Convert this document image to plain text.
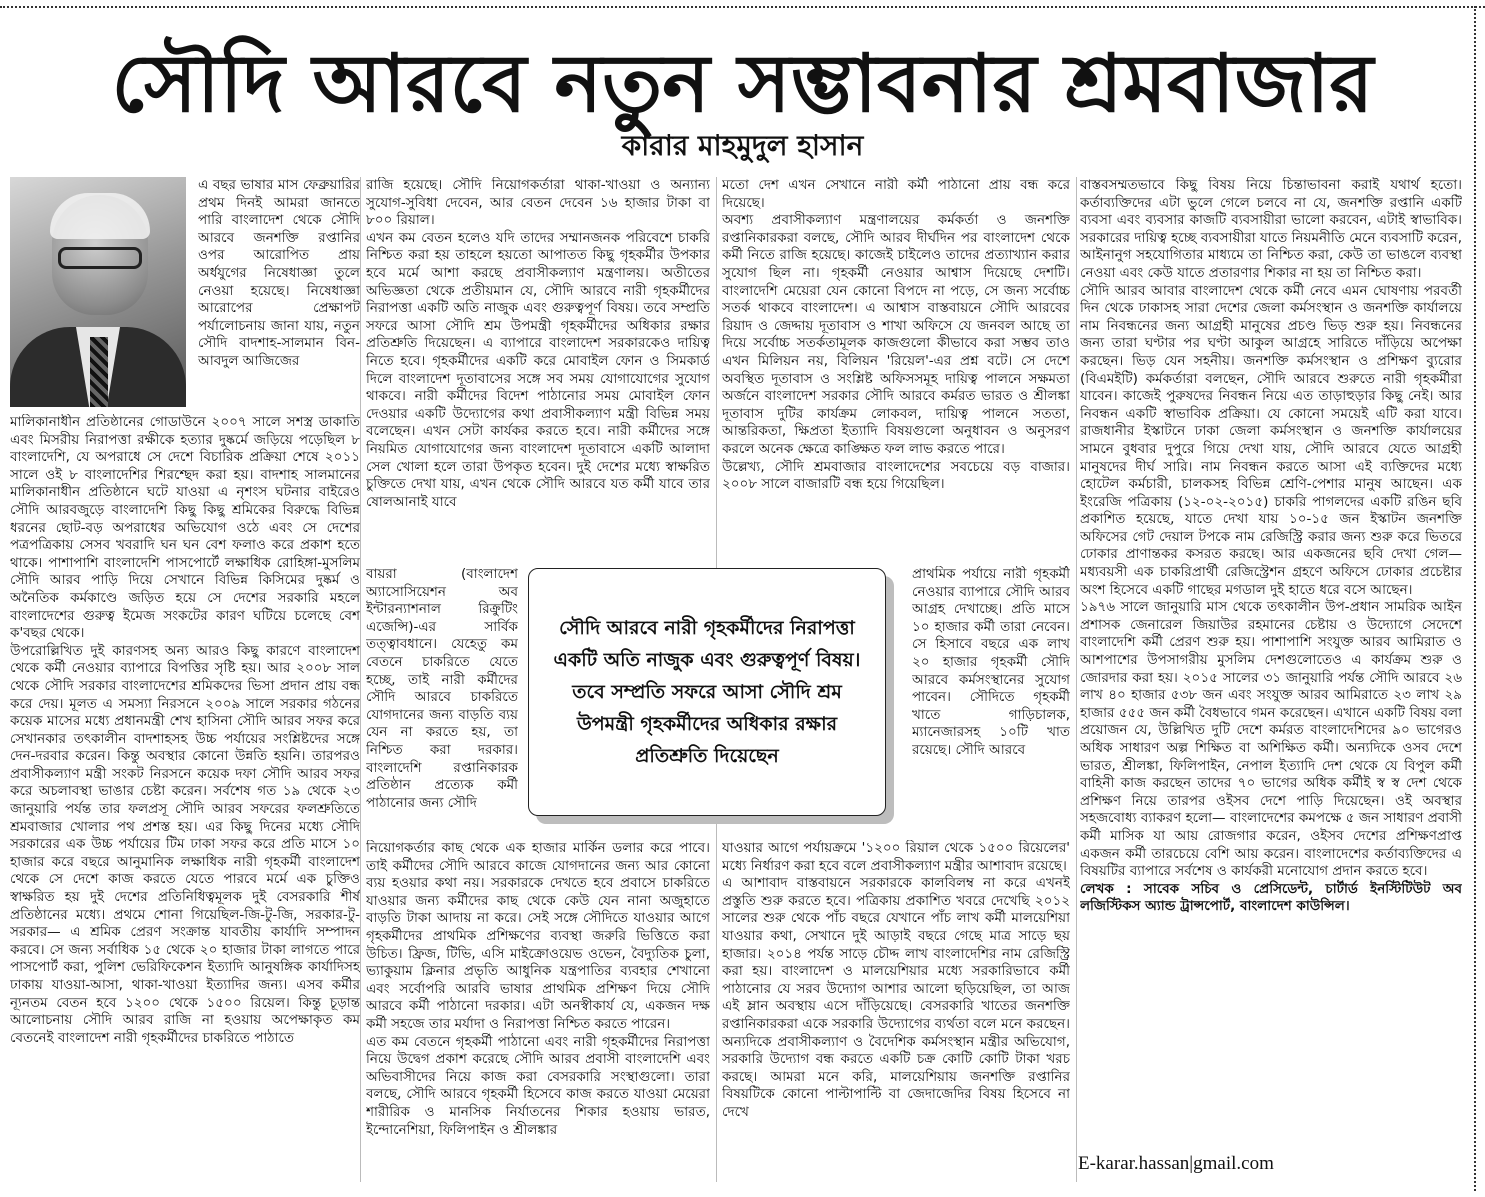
সৌদি আরবে নতুন সম্ভাবনার শ্রমবাজার
কারার মাহমুদুল হাসান

এ বছর ভাষার মাস ফেব্রুয়ারির প্রথম দিনই আমরা জানতে পারি বাংলাদেশ থেকে সৌদি আরবে জনশক্তি রপ্তানির ওপর আরোপিত প্রায় অর্ধযুগের নিষেধাজ্ঞা তুলে নেওয়া হয়েছে। নিষেধাজ্ঞা আরোপের প্রেক্ষাপট পর্যালোচনায় জানা যায়, নতুন সৌদি বাদশাহ-সালমান বিন-আবদুল আজিজের

মালিকানাধীন প্রতিষ্ঠানের গোডাউনে ২০০৭ সালে সশস্ত্র ডাকাতি এবং মিসরীয় নিরাপত্তা রক্ষীকে হত্যার দুষ্কর্মে জড়িয়ে পড়েছিল ৮ বাংলাদেশি, যে অপরাধে সে দেশে বিচারিক প্রক্রিয়া শেষে ২০১১ সালে ওই ৮ বাংলাদেশির শিরশ্ছেদ করা হয়। বাদশাহ সালমানের মালিকানাধীন প্রতিষ্ঠানে ঘটে যাওয়া এ নৃশংস ঘটনার বাইরেও সৌদি আরবজুড়ে বাংলাদেশি কিছু কিছু শ্রমিকের বিরুদ্ধে বিভিন্ন ধরনের ছোট-বড় অপরাধের অভিযোগ ওঠে এবং সে দেশের পত্রপত্রিকায় সেসব খবরাদি ঘন ঘন বেশ ফলাও করে প্রকাশ হতে থাকে। পাশাপাশি বাংলাদেশি পাসপোর্টে লক্ষাধিক রোহিঙ্গা-মুসলিম সৌদি আরব পাড়ি দিয়ে সেখানে বিভিন্ন কিসিমের দুষ্কর্ম ও অনৈতিক কর্মকাণ্ডে জড়িত হয়ে সে দেশের সরকারি মহলে বাংলাদেশের গুরুত্ব ইমেজ সংকটের কারণ ঘটিয়ে চলেছে বেশ ক'বছর থেকে।

উপরোল্লিখিত দুই কারণসহ অন্য আরও কিছু কারণে বাংলাদেশ থেকে কর্মী নেওয়ার ব্যাপারে বিপত্তির সৃষ্টি হয়। আর ২০০৮ সাল থেকে সৌদি সরকার বাংলাদেশের শ্রমিকদের ভিসা প্রদান প্রায় বন্ধ করে দেয়। মূলত এ সমস্যা নিরসনে ২০০৯ সালে সরকার গঠনের কয়েক মাসের মধ্যে প্রধানমন্ত্রী শেখ হাসিনা সৌদি আরব সফর করে সেখানকার তৎকালীন বাদশাহসহ উচ্চ পর্যায়ের সংশ্লিষ্টদের সঙ্গে দেন-দরবার করেন। কিন্তু অবস্থার কোনো উন্নতি হয়নি। তারপরও প্রবাসীকল্যাণ মন্ত্রী সংকট নিরসনে কয়েক দফা সৌদি আরব সফর করে অচলাবস্থা ভাঙার চেষ্টা করেন। সর্বশেষ গত ১৯ থেকে ২৩ জানুয়ারি পর্যন্ত তার ফলপ্রসূ সৌদি আরব সফরের ফলশ্রুতিতে শ্রমবাজার খোলার পথ প্রশস্ত হয়। এর কিছু দিনের মধ্যে সৌদি সরকারের এক উচ্চ পর্যায়ের টিম ঢাকা সফর করে প্রতি মাসে ১০ হাজার করে বছরে আনুমানিক লক্ষাধিক নারী গৃহকর্মী বাংলাদেশ থেকে সে দেশে কাজ করতে যেতে পারবে মর্মে এক চুক্তিও স্বাক্ষরিত হয় দুই দেশের প্রতিনিধিত্বমূলক দুই বেসরকারি শীর্ষ প্রতিষ্ঠানের মধ্যে। প্রথমে শোনা গিয়েছিল-জি-টু-জি, সরকার-টু-সরকার— এ শ্রমিক প্রেরণ সংক্রান্ত যাবতীয় কার্যাদি সম্পাদন করবে। সে জন্য সর্বাধিক ১৫ থেকে ২০ হাজার টাকা লাগতে পারে পাসপোর্ট করা, পুলিশ ভেরিফিকেশন ইত্যাদি আনুষঙ্গিক কার্যাদিসহ ঢাকায় যাওয়া-আসা, থাকা-খাওয়া ইত্যাদির জন্য। এসব কর্মীর ন্যূনতম বেতন হবে ১২০০ থেকে ১৫০০ রিয়েল। কিন্তু চূড়ান্ত আলোচনায় সৌদি আরব রাজি না হওয়ায় অপেক্ষাকৃত কম বেতনেই বাংলাদেশ নারী গৃহকর্মীদের চাকরিতে পাঠাতে

রাজি হয়েছে। সৌদি নিয়োগকর্তারা থাকা-খাওয়া ও অন্যান্য সুযোগ-সুবিধা দেবেন, আর বেতন দেবেন ১৬ হাজার টাকা বা ৮০০ রিয়াল।

এখন কম বেতন হলেও যদি তাদের সম্মানজনক পরিবেশে চাকরি নিশ্চিত করা হয় তাহলে হয়তো আপাতত কিছু গৃহকর্মীর উপকার হবে মর্মে আশা করছে প্রবাসীকল্যাণ মন্ত্রণালয়। অতীতের অভিজ্ঞতা থেকে প্রতীয়মান যে, সৌদি আরবে নারী গৃহকর্মীদের নিরাপত্তা একটি অতি নাজুক এবং গুরুত্বপূর্ণ বিষয়। তবে সম্প্রতি সফরে আসা সৌদি শ্রম উপমন্ত্রী গৃহকর্মীদের অধিকার রক্ষার প্রতিশ্রুতি দিয়েছেন। এ ব্যাপারে বাংলাদেশ সরকারকেও দায়িত্ব নিতে হবে। গৃহকর্মীদের একটি করে মোবাইল ফোন ও সিমকার্ড দিলে বাংলাদেশ দূতাবাসের সঙ্গে সব সময় যোগাযোগের সুযোগ থাকবে। নারী কর্মীদের বিদেশ পাঠানোর সময় মোবাইল ফোন দেওয়ার একটি উদ্যোগের কথা প্রবাসীকল্যাণ মন্ত্রী বিভিন্ন সময় বলেছেন। এখন সেটা কার্যকর করতে হবে। নারী কর্মীদের সঙ্গে নিয়মিত যোগাযোগের জন্য বাংলাদেশ দূতাবাসে একটি আলাদা সেল খোলা হলে তারা উপকৃত হবেন। দুই দেশের মধ্যে স্বাক্ষরিত চুক্তিতে দেখা যায়, এখন থেকে সৌদি আরবে যত কর্মী যাবে তার ষোলআনাই যাবে

বায়রা (বাংলাদেশ অ্যাসোসিয়েশন অব ইন্টারন্যাশনাল রিক্রুটিং এজেন্সি)-এর সার্বিক তত্ত্বাবধানে। যেহেতু কম বেতনে চাকরিতে যেতে হচ্ছে, তাই নারী কর্মীদের সৌদি আরবে চাকরিতে যোগদানের জন্য বাড়তি ব্যয় যেন না করতে হয়, তা নিশ্চিত করা দরকার। বাংলাদেশি রপ্তানিকারক প্রতিষ্ঠান প্রত্যেক কর্মী পাঠানোর জন্য সৌদি

নিয়োগকর্তার কাছ থেকে এক হাজার মার্কিন ডলার করে পাবে। তাই কর্মীদের সৌদি আরবে কাজে যোগদানের জন্য আর কোনো ব্যয় হওয়ার কথা নয়। সরকারকে দেখতে হবে প্রবাসে চাকরিতে যাওয়ার জন্য কর্মীদের কাছ থেকে কেউ যেন নানা অজুহাতে বাড়তি টাকা আদায় না করে। সেই সঙ্গে সৌদিতে যাওয়ার আগে গৃহকর্মীদের প্রাথমিক প্রশিক্ষণের ব্যবস্থা জরুরি ভিত্তিতে করা উচিত। ফ্রিজ, টিভি, এসি মাইক্রোওয়েভ ওভেন, বৈদ্যুতিক চুলা, ভ্যাকুয়াম ক্লিনার প্রভৃতি আধুনিক যন্ত্রপাতির ব্যবহার শেখানো এবং সর্বোপরি আরবি ভাষার প্রাথমিক প্রশিক্ষণ দিয়ে সৌদি আরবে কর্মী পাঠানো দরকার। এটা অনস্বীকার্য যে, একজন দক্ষ কর্মী সহজে তার মর্যাদা ও নিরাপত্তা নিশ্চিত করতে পারেন।

এত কম বেতনে গৃহকর্মী পাঠানো এবং নারী গৃহকর্মীদের নিরাপত্তা নিয়ে উদ্বেগ প্রকাশ করেছে সৌদি আরব প্রবাসী বাংলাদেশি এবং অভিবাসীদের নিয়ে কাজ করা বেসরকারি সংস্থাগুলো। তারা বলছে, সৌদি আরবে গৃহকর্মী হিসেবে কাজ করতে যাওয়া মেয়েরা শারীরিক ও মানসিক নির্যাতনের শিকার হওয়ায় ভারত, ইন্দোনেশিয়া, ফিলিপাইন ও শ্রীলঙ্কার

মতো দেশ এখন সেখানে নারী কর্মী পাঠানো প্রায় বন্ধ করে দিয়েছে।

অবশ্য প্রবাসীকল্যাণ মন্ত্রণালয়ের কর্মকর্তা ও জনশক্তি রপ্তানিকারকরা বলছে, সৌদি আরব দীর্ঘদিন পর বাংলাদেশ থেকে কর্মী নিতে রাজি হয়েছে। কাজেই চাইলেও তাদের প্রত্যাখ্যান করার সুযোগ ছিল না। গৃহকর্মী নেওয়ার আশ্বাস দিয়েছে দেশটি। বাংলাদেশি মেয়েরা যেন কোনো বিপদে না পড়ে, সে জন্য সর্বোচ্চ সতর্ক থাকবে বাংলাদেশ। এ আশ্বাস বাস্তবায়নে সৌদি আরবের রিয়াদ ও জেদ্দায় দূতাবাস ও শাখা অফিসে যে জনবল আছে তা দিয়ে সর্বোচ্চ সতর্কতামূলক কাজগুলো কীভাবে করা সম্ভব তাও এখন মিলিয়ন নয়, বিলিয়ন 'রিয়েল'-এর প্রশ্ন বটে। সে দেশে অবস্থিত দূতাবাস ও সংশ্লিষ্ট অফিসসমূহ দায়িত্ব পালনে সক্ষমতা অর্জনে বাংলাদেশ সরকার সৌদি আরবে কর্মরত ভারত ও শ্রীলঙ্কা দূতাবাস দুটির কার্যক্রম লোকবল, দায়িত্ব পালনে সততা, আন্তরিকতা, ক্ষিপ্রতা ইত্যাদি বিষয়গুলো অনুধাবন ও অনুসরণ করলে অনেক ক্ষেত্রে কাঙ্ক্ষিত ফল লাভ করতে পারে।

উল্লেখ্য, সৌদি শ্রমবাজার বাংলাদেশের সবচেয়ে বড় বাজার। ২০০৮ সালে বাজারটি বন্ধ হয়ে গিয়েছিল।

প্রাথমিক পর্যায়ে নারী গৃহকর্মী নেওয়ার ব্যাপারে সৌদি আরব আগ্রহ দেখাচ্ছে। প্রতি মাসে ১০ হাজার কর্মী তারা নেবেন। সে হিসাবে বছরে এক লাখ ২০ হাজার গৃহকর্মী সৌদি আরবে কর্মসংস্থানের সুযোগ পাবেন। সৌদিতে গৃহকর্মী খাতে গাড়িচালক, ম্যানেজারসহ ১০টি খাত রয়েছে। সৌদি আরবে

যাওয়ার আগে পর্যায়ক্রমে '১২০০ রিয়াল থেকে ১৫০০ রিয়েলের' মধ্যে নির্ধারণ করা হবে বলে প্রবাসীকল্যাণ মন্ত্রীর আশাবাদ রয়েছে।

এ আশাবাদ বাস্তবায়নে সরকারকে কালবিলম্ব না করে এখনই প্রস্তুতি শুরু করতে হবে। পত্রিকায় প্রকাশিত খবরে দেখেছি ২০১২ সালের শুরু থেকে পাঁচ বছরে যেখানে পাঁচ লাখ কর্মী মালয়েশিয়া যাওয়ার কথা, সেখানে দুই আড়াই বছরে গেছে মাত্র সাড়ে ছয় হাজার। ২০১৪ পর্যন্ত সাড়ে চৌদ্দ লাখ বাংলাদেশির নাম রেজিস্ট্রি করা হয়। বাংলাদেশ ও মালয়েশিয়ার মধ্যে সরকারিভাবে কর্মী পাঠানোর যে সরব উদ্যোগ আশার আলো ছড়িয়েছিল, তা আজ এই ম্লান অবস্থায় এসে দাঁড়িয়েছে। বেসরকারি খাতের জনশক্তি রপ্তানিকারকরা একে সরকারি উদ্যোগের ব্যর্থতা বলে মনে করছেন। অন্যদিকে প্রবাসীকল্যাণ ও বৈদেশিক কর্মসংস্থান মন্ত্রীর অভিযোগ, সরকারি উদ্যোগ বন্ধ করতে একটি চক্র কোটি কোটি টাকা খরচ করছে। আমরা মনে করি, মালয়েশিয়ায় জনশক্তি রপ্তানির বিষয়টিকে কোনো পাল্টাপাল্টি বা জেদাজেদির বিষয় হিসেবে না দেখে

বাস্তবসম্মতভাবে কিছু বিষয় নিয়ে চিন্তাভাবনা করাই যথার্থ হতো। কর্তাব্যক্তিদের এটা ভুলে গেলে চলবে না যে, জনশক্তি রপ্তানি একটি ব্যবসা এবং ব্যবসার কাজটি ব্যবসায়ীরা ভালো করবেন, এটাই স্বাভাবিক। সরকারের দায়িত্ব হচ্ছে ব্যবসায়ীরা যাতে নিয়মনীতি মেনে ব্যবসাটি করেন, আইনানুগ সহযোগিতার মাধ্যমে তা নিশ্চিত করা, কেউ তা ভাঙলে ব্যবস্থা নেওয়া এবং কেউ যাতে প্রতারণার শিকার না হয় তা নিশ্চিত করা।

সৌদি আরব আবার বাংলাদেশ থেকে কর্মী নেবে এমন ঘোষণায় পরবর্তী দিন থেকে ঢাকাসহ সারা দেশের জেলা কর্মসংস্থান ও জনশক্তি কার্যালয়ে নাম নিবন্ধনের জন্য আগ্রহী মানুষের প্রচণ্ড ভিড় শুরু হয়। নিবন্ধনের জন্য তারা ঘণ্টার পর ঘণ্টা আকুল আগ্রহে সারিতে দাঁড়িয়ে অপেক্ষা করছেন। ভিড় যেন সহনীয়। জনশক্তি কর্মসংস্থান ও প্রশিক্ষণ ব্যুরোর (বিএমইটি) কর্মকর্তারা বলছেন, সৌদি আরবে শুরুতে নারী গৃহকর্মীরা যাবেন। কাজেই পুরুষদের নিবন্ধন নিয়ে এত তাড়াহুড়ার কিছু নেই। আর নিবন্ধন একটি স্বাভাবিক প্রক্রিয়া। যে কোনো সময়েই এটি করা যাবে। রাজধানীর ইস্কাটনে ঢাকা জেলা কর্মসংস্থান ও জনশক্তি কার্যালয়ের সামনে বুধবার দুপুরে গিয়ে দেখা যায়, সৌদি আরবে যেতে আগ্রহী মানুষদের দীর্ঘ সারি। নাম নিবন্ধন করতে আসা এই ব্যক্তিদের মধ্যে হোটেল কর্মচারী, চালকসহ বিভিন্ন শ্রেণি-পেশার মানুষ আছেন। এক ইংরেজি পত্রিকায় (১২-০২-২০১৫) চাকরি পাগলদের একটি রঙিন ছবি প্রকাশিত হয়েছে, যাতে দেখা যায় ১০-১৫ জন ইস্কাটন জনশক্তি অফিসের গেট দেয়াল টপকে নাম রেজিস্ট্রি করার জন্য শুরু করে ভিতরে ঢোকার প্রাণান্তকর কসরত করছে। আর একজনের ছবি দেখা গেল— মধ্যবয়সী এক চাকরিপ্রার্থী রেজিস্ট্রেশন গ্রহণে অফিসে ঢোকার প্রচেষ্টার অংশ হিসেবে একটি গাছের মগডাল দুই হাতে ধরে বসে আছেন।

১৯৭৬ সালে জানুয়ারি মাস থেকে তৎকালীন উপ-প্রধান সামরিক আইন প্রশাসক জেনারেল জিয়াউর রহমানের চেষ্টায় ও উদ্যোগে সেদেশে বাংলাদেশি কর্মী প্রেরণ শুরু হয়। পাশাপাশি সংযুক্ত আরব আমিরাত ও আশপাশের উপসাগরীয় মুসলিম দেশগুলোতেও এ কার্যক্রম শুরু ও জোরদার করা হয়। ২০১৫ সালের ৩১ জানুয়ারি পর্যন্ত সৌদি আরবে ২৬ লাখ ৪০ হাজার ৫৩৮ জন এবং সংযুক্ত আরব আমিরাতে ২৩ লাখ ২৯ হাজার ৫৫৫ জন কর্মী বৈধভাবে গমন করেছেন। এখানে একটি বিষয় বলা প্রয়োজন যে, উল্লিখিত দুটি দেশে কর্মরত বাংলাদেশিদের ৯০ ভাগেরও অধিক সাধারণ অল্প শিক্ষিত বা অশিক্ষিত কর্মী। অন্যদিকে ওসব দেশে ভারত, শ্রীলঙ্কা, ফিলিপাইন, নেপাল ইত্যাদি দেশ থেকে যে বিপুল কর্মী বাহিনী কাজ করছেন তাদের ৭০ ভাগের অধিক কর্মীই স্ব স্ব দেশ থেকে প্রশিক্ষণ নিয়ে তারপর ওইসব দেশে পাড়ি দিয়েছেন। ওই অবস্থার সহজবোধ্য ব্যাকরণ হলো— বাংলাদেশের কমপক্ষে ৫ জন সাধারণ প্রবাসী কর্মী মাসিক যা আয় রোজগার করেন, ওইসব দেশের প্রশিক্ষণপ্রাপ্ত একজন কর্মী তারচেয়ে বেশি আয় করেন। বাংলাদেশের কর্তাব্যক্তিদের এ বিষয়টির ব্যাপারে সর্বশেষ ও কার্যকরী মনোযোগ প্রদান করতে হবে।

লেখক : সাবেক সচিব ও প্রেসিডেন্ট, চার্টার্ড ইনস্টিটিউট অব লজিস্টিকস অ্যান্ড ট্রান্সপোর্ট, বাংলাদেশ কাউন্সিল।

E-karar.hassan|gmail.com
সৌদি আরবে নারী গৃহকর্মীদের নিরাপত্তা একটি অতি নাজুক এবং গুরুত্বপূর্ণ বিষয়। তবে সম্প্রতি সফরে আসা সৌদি শ্রম উপমন্ত্রী গৃহকর্মীদের অধিকার রক্ষার প্রতিশ্রুতি দিয়েছেন
